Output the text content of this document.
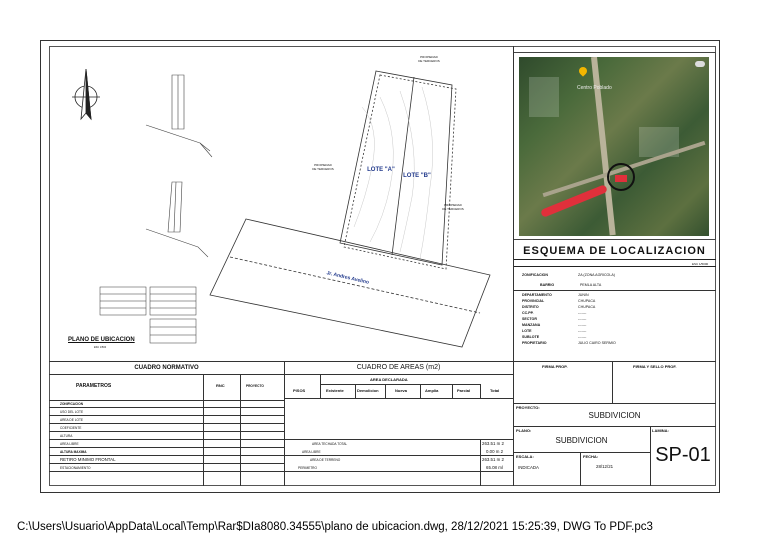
LOTE "A"
LOTE "B"
PROPIEDAD DE TERCEROS
PROPIEDAD DE TERCEROS
PROPIEDAD DE TERCEROS
Jr. Andres Avelino
PLANO DE UBICACION
ESC 1/500
Centro Poblado
ESQUEMA DE LOCALIZACION
ESC 1/5000
ZONIFICACION	ZA (ZONA AGRICOLA)
BARRIO	PEMLA ALTA
DEPARTAMENTO	JUNIN
PROVINCIAL	CHUPACA
DISTRITO	CHUPACA
CC.PP.	-------
SECTOR	-------
MANZANA	-------
LOTE	-------
SUBLOTE	-------
PROPIETARIO	JULIO CAIRO SERMIO
CUADRO NORMATIVO	CUADRO DE AREAS (m2)
PARAMETROS	RNC	PROYECTO
AREA DECLARADA
PISOS	Existente	Demolicion	Nueva	Amplia	Parcial	Total
ZONIFICACION
USO DEL LOTE
AREA DE LOTE
COEFICIENTE
ALTURA
AREA LIBRE
ALTURA MAXIMA
RETIRO MINIMO FRONTAL
ESTACIONAMIENTO
AREA TECHADA TOTAL	263.51 m 2
AREA LIBRE	0.00 m 2
AREA DE TERRENO	263.51 m 2
PERIMETRO	65.08 ml
FIRMA PROP.	FIRMA Y SELLO PROF.
PROYECTO:
SUBDIVICION
PLANO:
SUBDIVICION
LAMINA:
SP-01
ESCALA:
INDICADA
FECHA:
28/12/21
C:\Users\Usuario\AppData\Local\Temp\Rar$DIa8080.34555\plano de ubicacion.dwg, 28/12/2021 15:25:39, DWG To PDF.pc3
